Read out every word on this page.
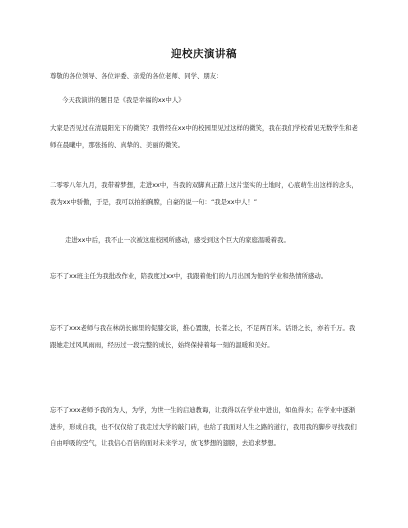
迎校庆演讲稿

尊敬的各位领导、各位评委、亲爱的各位老师、同学、朋友：

今天我演讲的题目是《我是幸福的xx中人》

大家是否见过在清晨阳光下的微笑？我曾经在xx中的校园里见过这样的微笑，我在我们学校看见无数学生和老师在晨曦中，那张扬的、真挚的、美丽的微笑。

二零零八年九月，我带着梦想，走进xx中，当我的双脚真正踏上这片坚实的土地时，心底萌生出这样的念头，我为xx中骄傲，于是，我可以拍拍胸膛，自豪的说一句：“我是xx中人！”

走进xx中后，我不止一次被这座校园所感动，感受到这个巨大的家庭温暖着我。

忘不了xx班主任为我批改作业，陪我度过xx中，我跟着他们的九月出国为他的学业和热情所感动。

忘不了xxx老师与我在林荫长廊里的促膝交谈，推心置腹，长者之长，不足两百米。话语之长，亦若千万。我跟她走过风风雨雨，经历过一段完整的成长，始终保持着每一刻的温暖和美好。

忘不了xxx老师予我的为人，为学，为世一生的启迪教诲，让我得以在学业中进出，如鱼得水；在学业中逐渐进步，形成自我，也不仅仅给了我走过大学的敲门砖，也给了我面对人生之路的道行，我用我的脚步寻找我们自由呼吸的空气，让我信心百倍的面对未来学习，放飞梦想的翅膀，去追求梦想。
